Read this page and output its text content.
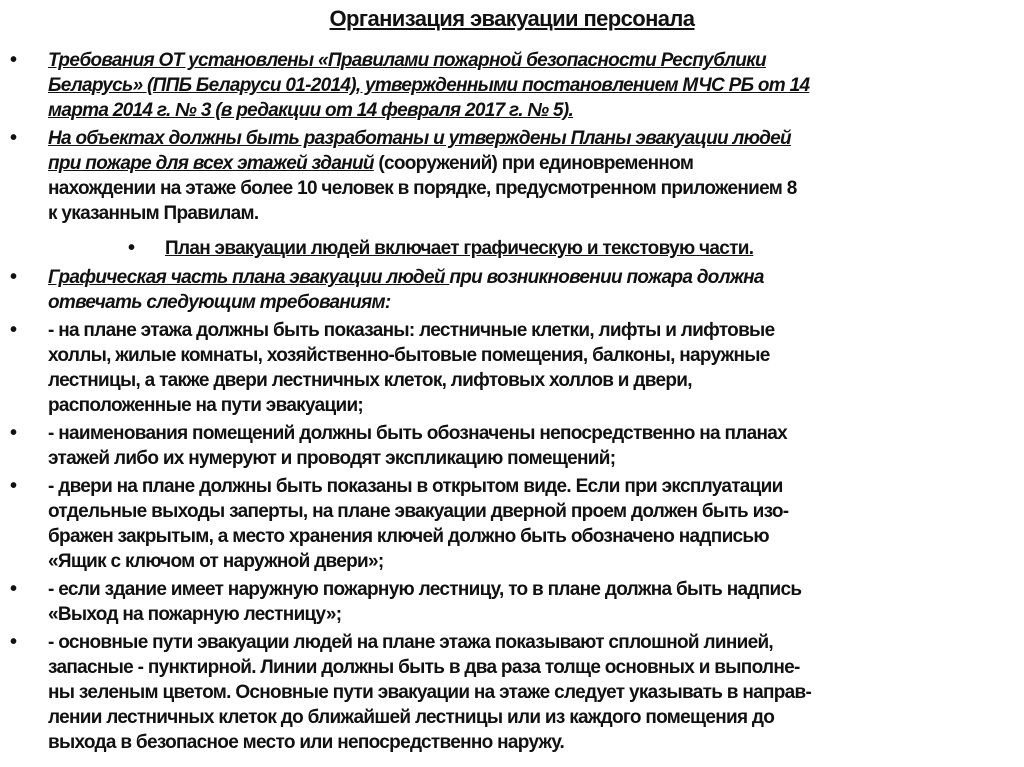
Организация эвакуации персонала
• Требования ОТ установлены «Правилами пожарной безопасности Республики
Беларусь» (ППБ Беларуси 01-2014), утвержденными постановлением МЧС РБ от 14
марта 2014 г. № 3 (в редакции от 14 февраля 2017 г. № 5).
• На объектах должны быть разработаны и утверждены Планы эвакуации людей
при пожаре для всех этажей зданий (сооружений) при единовременном
нахождении на этаже более 10 человек в порядке, предусмотренном приложением 8
к указанным Правилам.
• План эвакуации людей включает графическую и текстовую части.
• Графическая часть плана эвакуации людей при возникновении пожара должна
отвечать следующим требованиям:
• - на плане этажа должны быть показаны: лестничные клетки, лифты и лифтовые
холлы, жилые комнаты, хозяйственно-бытовые помещения, балконы, наружные
лестницы, а также двери лестничных клеток, лифтовых холлов и двери,
расположенные на пути эвакуации;
• - наименования помещений должны быть обозначены непосредственно на планах
этажей либо их нумеруют и проводят экспликацию помещений;
• - двери на плане должны быть показаны в открытом виде. Если при эксплуатации
отдельные выходы заперты, на плане эвакуации дверной проем должен быть изо-
бражен закрытым, а место хранения ключей должно быть обозначено надписью
«Ящик с ключом от наружной двери»;
• - если здание имеет наружную пожарную лестницу, то в плане должна быть надпись
«Выход на пожарную лестницу»;
• - основные пути эвакуации людей на плане этажа показывают сплошной линией,
запасные - пунктирной. Линии должны быть в два раза толще основных и выполне-
ны зеленым цветом. Основные пути эвакуации на этаже следует указывать в направ-
лении лестничных клеток до ближайшей лестницы или из каждого помещения до
выхода в безопасное место или непосредственно наружу.
